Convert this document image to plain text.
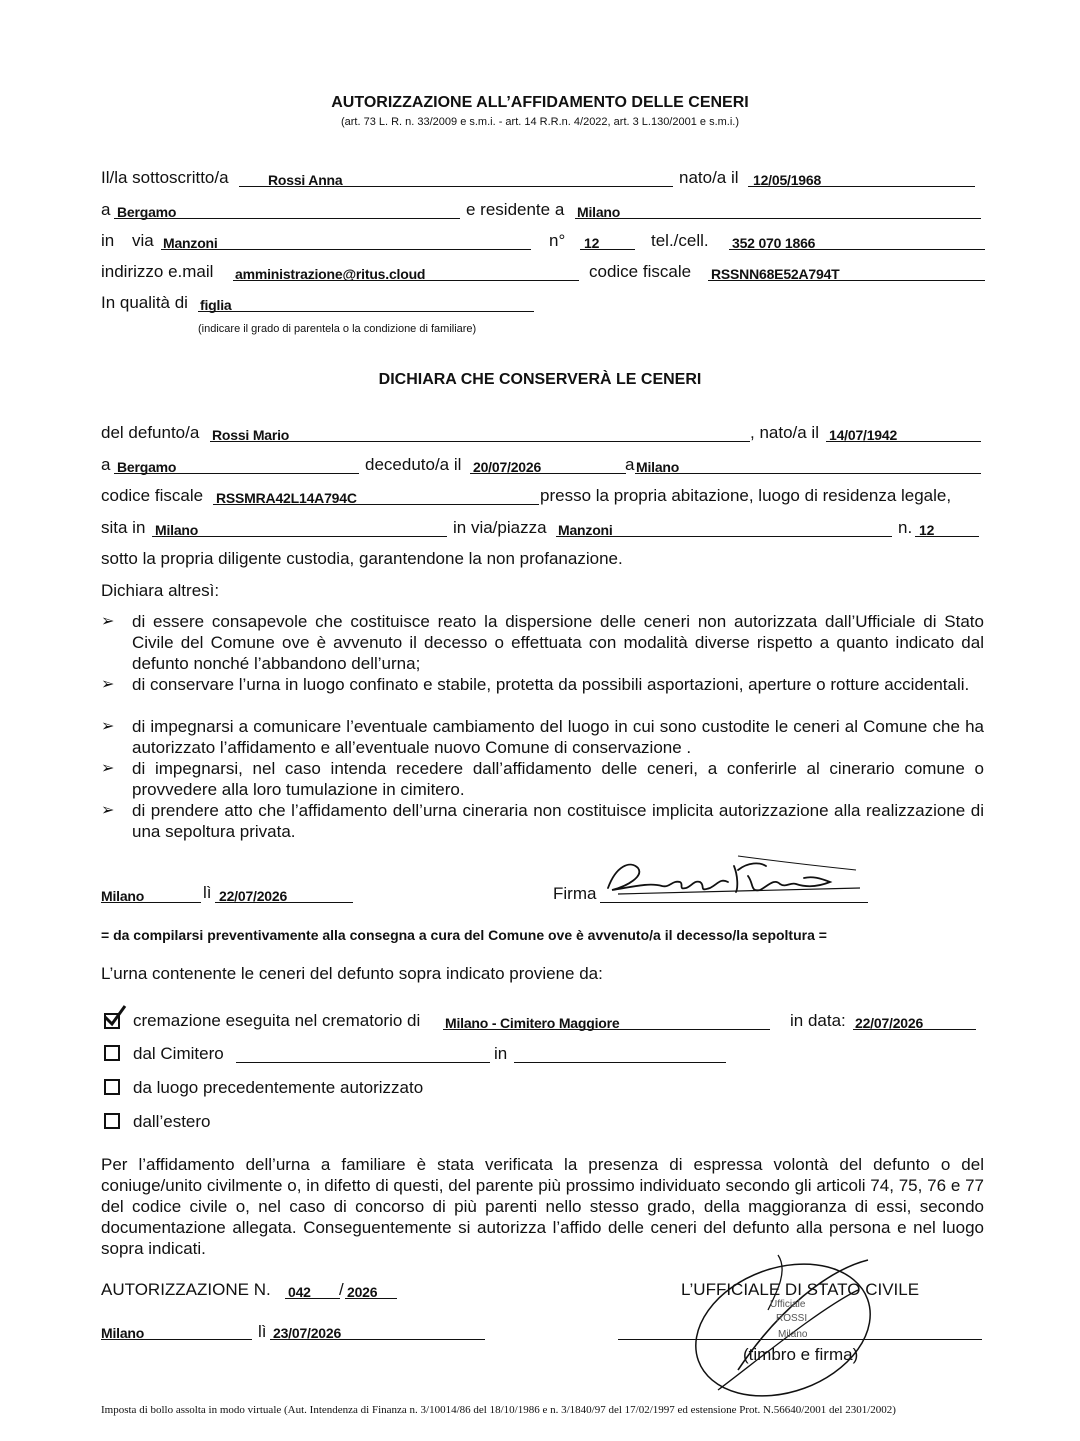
AUTORIZZAZIONE ALL’AFFIDAMENTO DELLE CENERI
(art. 73 L. R. n. 33/2009 e s.m.i. - art. 14 R.R.n. 4/2022, art. 3 L.130/2001 e s.m.i.)
Il/la sottoscritto/a	Rossi Anna	nato/a il 12/05/1968
a Bergamo	e residente a Milano
in via Manzoni	n° 12	tel./cell. 352 070 1866
indirizzo e.mail amministrazione@ritus.cloud	codice fiscale RSSNN68E52A794T
In qualità di figlia
(indicare il grado di parentela o la condizione di familiare)
DICHIARA CHE CONSERVERÀ LE CENERI
del defunto/a Rossi Mario	, nato/a il 14/07/1942
a Bergamo	deceduto/a il 20/07/2026	a Milano
codice fiscale RSSMRA42L14A794C	presso la propria abitazione, luogo di residenza legale,
sita in Milano	in via/piazza Manzoni	n. 12
sotto la propria diligente custodia, garantendone la non profanazione.
Dichiara altresì:
➢	di essere consapevole che costituisce reato la dispersione delle ceneri non autorizzata dall’Ufficiale di Stato Civile del Comune ove è avvenuto il decesso o effettuata con modalità diverse rispetto a quanto indicato dal defunto nonché l’abbandono dell’urna;
➢	di conservare l’urna in luogo confinato e stabile, protetta da possibili asportazioni, aperture o rotture accidentali.
➢	di impegnarsi a comunicare l’eventuale cambiamento del luogo in cui sono custodite le ceneri al Comune che ha autorizzato l’affidamento e all’eventuale nuovo Comune di conservazione .
➢	di impegnarsi, nel caso intenda recedere dall’affidamento delle ceneri, a conferirle al cinerario comune o provvedere alla loro tumulazione in cimitero.
➢	di prendere atto che l’affidamento dell’urna cineraria non costituisce implicita autorizzazione alla realizzazione di una sepoltura privata.
Milano	lì 22/07/2026	Firma
= da compilarsi preventivamente alla consegna a cura del Comune ove è avvenuto/a il decesso/la sepoltura =
L’urna contenente le ceneri del defunto sopra indicato proviene da:
cremazione eseguita nel crematorio di Milano - Cimitero Maggiore	in data: 22/07/2026
dal Cimitero	in
da luogo precedentemente autorizzato
dall’estero
Per l’affidamento dell’urna a familiare è stata verificata la presenza di espressa volontà del defunto o del coniuge/unito civilmente o, in difetto di questi, del parente più prossimo individuato secondo gli articoli 74, 75, 76 e 77 del codice civile o, nel caso di concorso di più parenti nello stesso grado, della maggioranza di essi, secondo documentazione allegata. Conseguentemente si autorizza l’affido delle ceneri del defunto alla persona e nel luogo sopra indicati.
AUTORIZZAZIONE N. 042 / 2026	L’UFFICIALE DI STATO CIVILE
Milano	lì 23/07/2026
Ufficiale
ROSSI
Milano
(timbro e firma)
Imposta di bollo assolta in modo virtuale (Aut. Intendenza di Finanza n. 3/10014/86 del 18/10/1986 e n. 3/1840/97 del 17/02/1997 ed estensione Prot. N.56640/2001 del 2301/2002)
